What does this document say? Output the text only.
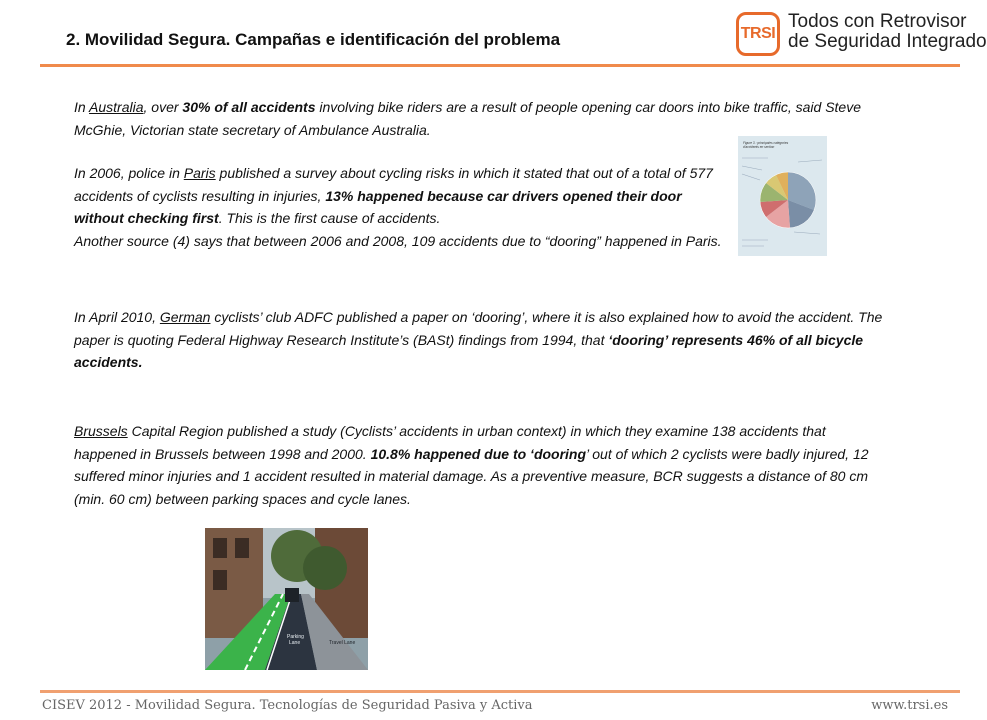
2. Movilidad Segura. Campañas e identificación del problema	TRSI
Todos con Retrovisor
de Seguridad Integrado
In Australia, over 30% of all accidents involving bike riders are a result of people opening car doors into bike traffic, said Steve McGhie, Victorian state secretary of Ambulance Australia.
In 2006, police in Paris published a survey about cycling risks in which it stated that out of a total of 577 accidents of cyclists resulting in injuries, 13% happened because car drivers opened their door without checking first. This is the first cause of accidents.
Another source (4) says that between 2006 and 2008, 109 accidents due to “dooring” happened in Paris.
Figure 3 : principales catégories
d'accidents en section
In April 2010, German cyclists’ club ADFC published a paper on ‘dooring’, where it is also explained how to avoid the accident. The paper is quoting Federal Highway Research Institute’s (BASt) findings from 1994, that ‘dooring’ represents 46% of all bicycle accidents.
Brussels Capital Region published a study (Cyclists’ accidents in urban context) in which they examine 138 accidents that happened in Brussels between 1998 and 2000. 10.8% happened due to ‘dooring’ out of which 2 cyclists were badly injured, 12 suffered minor injuries and 1 accident resulted in material damage. As a preventive measure, BCR suggests a distance of 80 cm (min. 60 cm) between parking spaces and cycle lanes.
Parking
Lane	Travel Lane
CISEV 2012 - Movilidad Segura. Tecnologías de Seguridad Pasiva y Activa	www.trsi.es
